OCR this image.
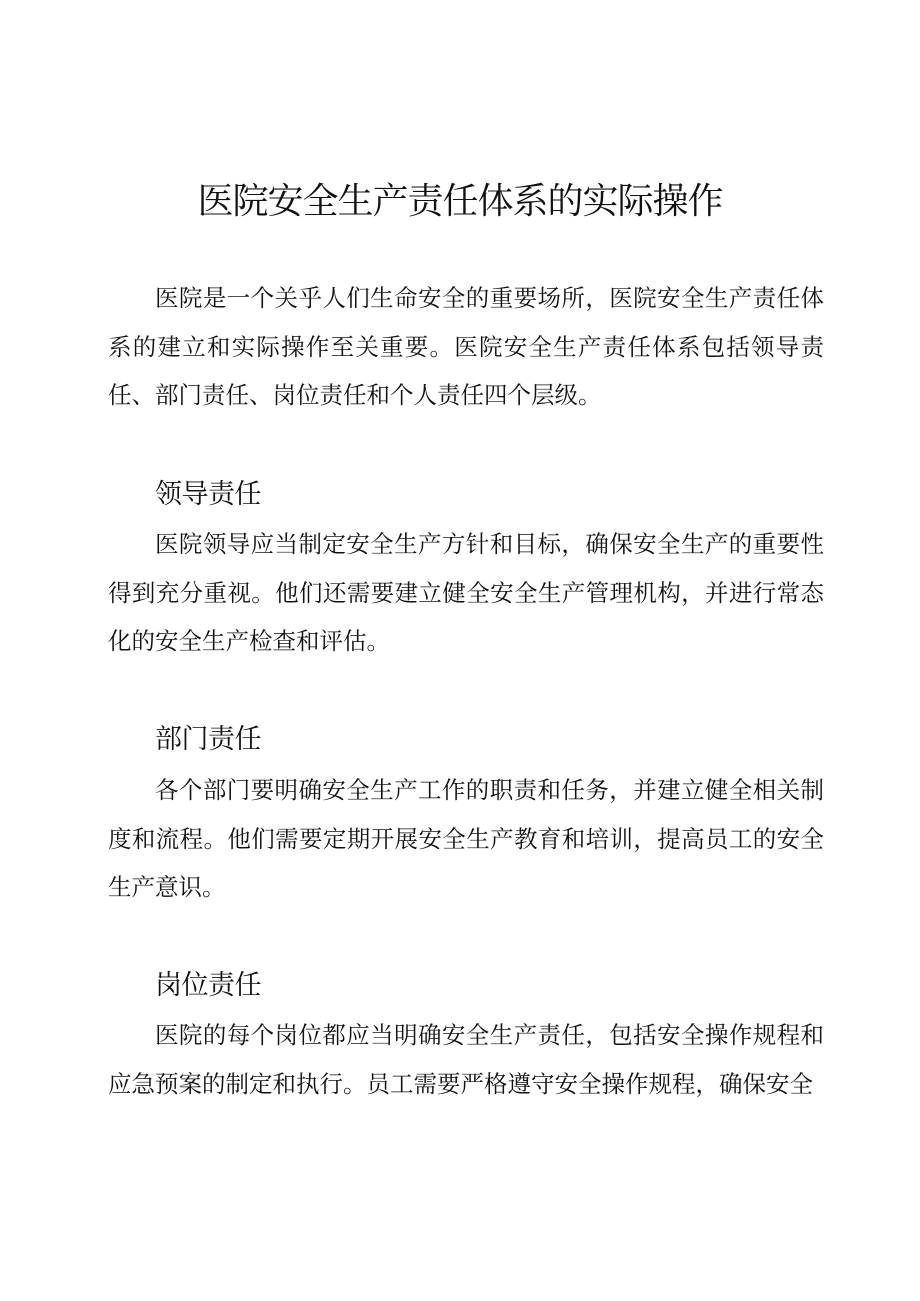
医院安全生产责任体系的实际操作

医院是一个关乎人们生命安全的重要场所，医院安全生产责任体系的建立和实际操作至关重要。医院安全生产责任体系包括领导责任、部门责任、岗位责任和个人责任四个层级。

领导责任

医院领导应当制定安全生产方针和目标，确保安全生产的重要性得到充分重视。他们还需要建立健全安全生产管理机构，并进行常态化的安全生产检查和评估。

部门责任

各个部门要明确安全生产工作的职责和任务，并建立健全相关制度和流程。他们需要定期开展安全生产教育和培训，提高员工的安全生产意识。

岗位责任

医院的每个岗位都应当明确安全生产责任，包括安全操作规程和应急预案的制定和执行。员工需要严格遵守安全操作规程，确保安全
